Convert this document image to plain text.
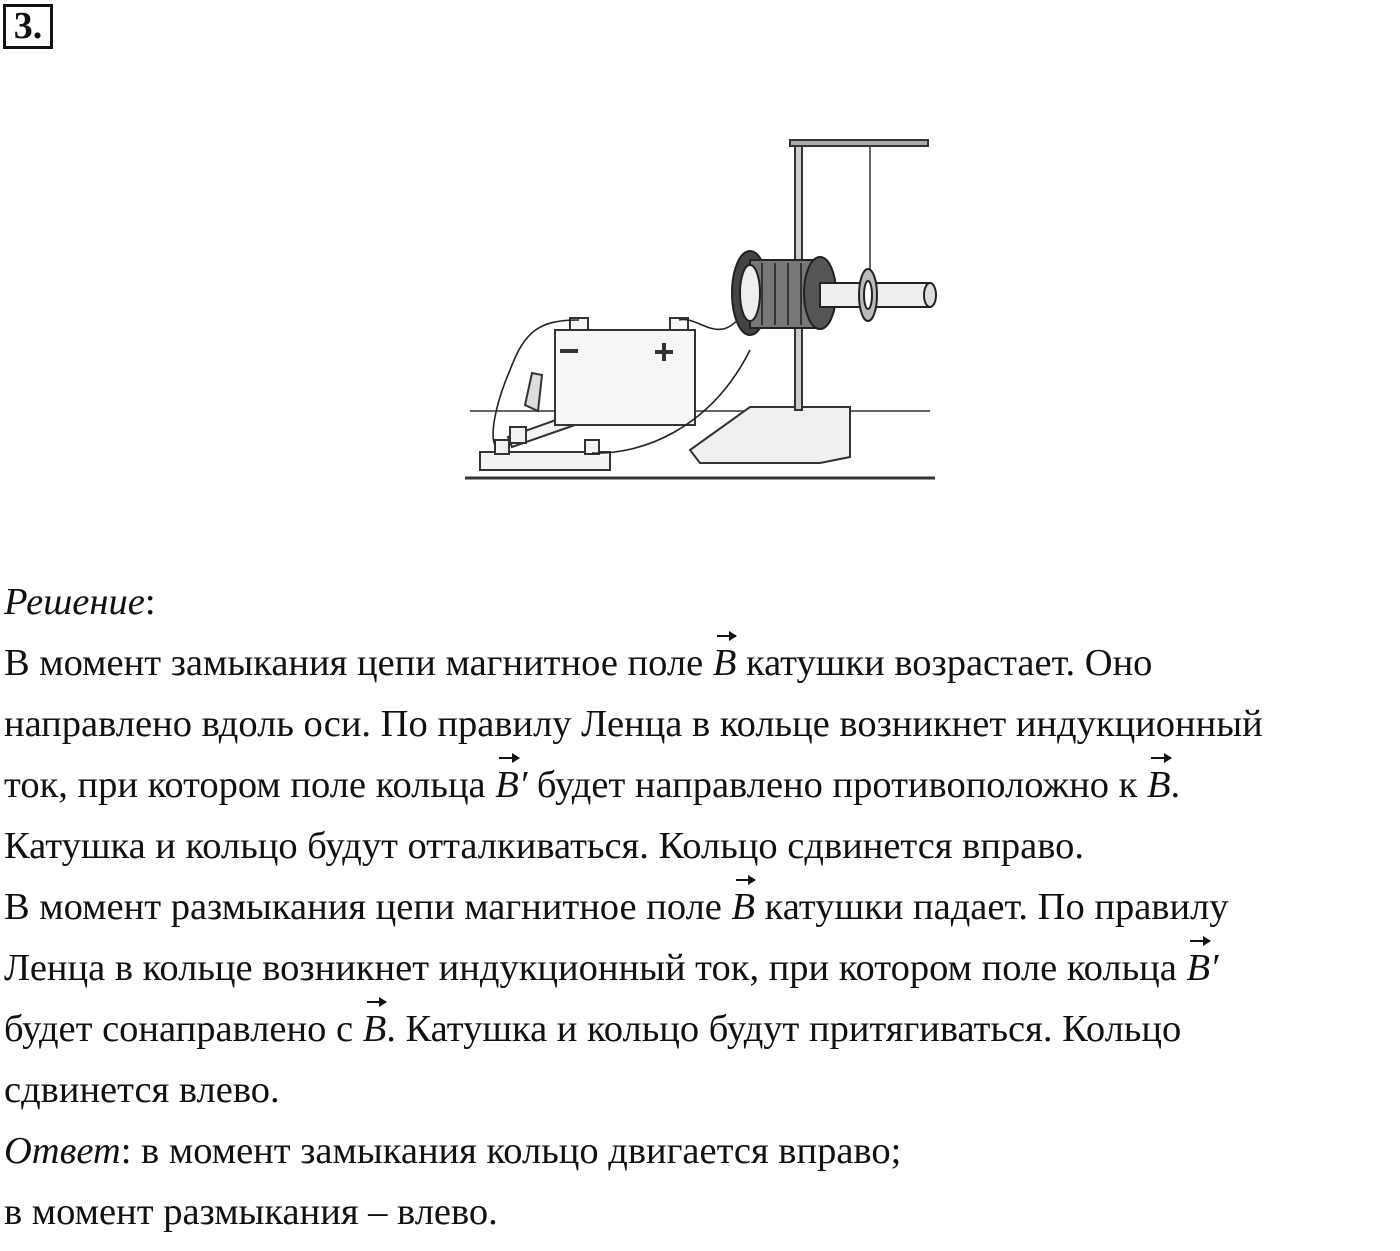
3.
Решение:
В момент замыкания цепи магнитное поле B катушки возрастает. Оно
направлено вдоль оси. По правилу Ленца в кольце возникнет индукционный
ток, при котором поле кольца B′ будет направлено противоположно к B.
Катушка и кольцо будут отталкиваться. Кольцо сдвинется вправо.
В момент размыкания цепи магнитное поле B катушки падает. По правилу
Ленца в кольце возникнет индукционный ток, при котором поле кольца B′
будет сонаправлено с B. Катушка и кольцо будут притягиваться. Кольцо
сдвинется влево.
Ответ: в момент замыкания кольцо двигается вправо;
в момент размыкания – влево.
